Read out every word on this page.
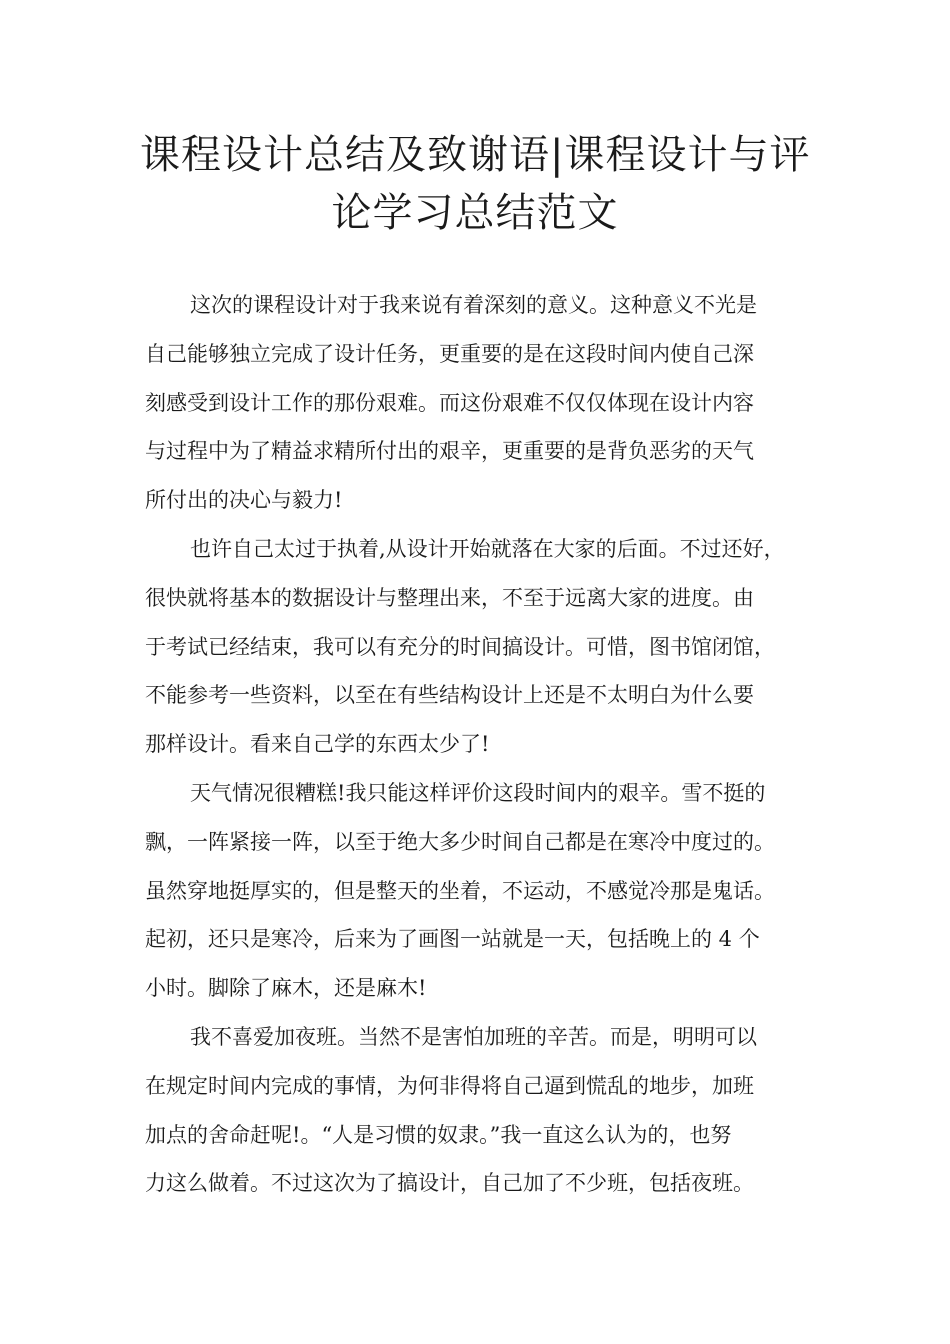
课程设计总结及致谢语|课程设计与评
论学习总结范文

这次的课程设计对于我来说有着深刻的意义。这种意义不光是
自己能够独立完成了设计任务，更重要的是在这段时间内使自己深
刻感受到设计工作的那份艰难。而这份艰难不仅仅体现在设计内容
与过程中为了精益求精所付出的艰辛，更重要的是背负恶劣的天气
所付出的决心与毅力!

也许自己太过于执着,从设计开始就落在大家的后面。不过还好，
很快就将基本的数据设计与整理出来，不至于远离大家的进度。由
于考试已经结束，我可以有充分的时间搞设计。可惜，图书馆闭馆，
不能参考一些资料，以至在有些结构设计上还是不太明白为什么要
那样设计。看来自己学的东西太少了!

天气情况很糟糕!我只能这样评价这段时间内的艰辛。雪不挺的
飘，一阵紧接一阵，以至于绝大多少时间自己都是在寒冷中度过的。
虽然穿地挺厚实的，但是整天的坐着，不运动，不感觉冷那是鬼话。
起初，还只是寒冷，后来为了画图一站就是一天，包括晚上的 4 个
小时。脚除了麻木，还是麻木!

我不喜爱加夜班。当然不是害怕加班的辛苦。而是，明明可以
在规定时间内完成的事情，为何非得将自己逼到慌乱的地步，加班
加点的舍命赶呢!。“人是习惯的奴隶。”我一直这么认为的，也努
力这么做着。不过这次为了搞设计，自己加了不少班，包括夜班。
